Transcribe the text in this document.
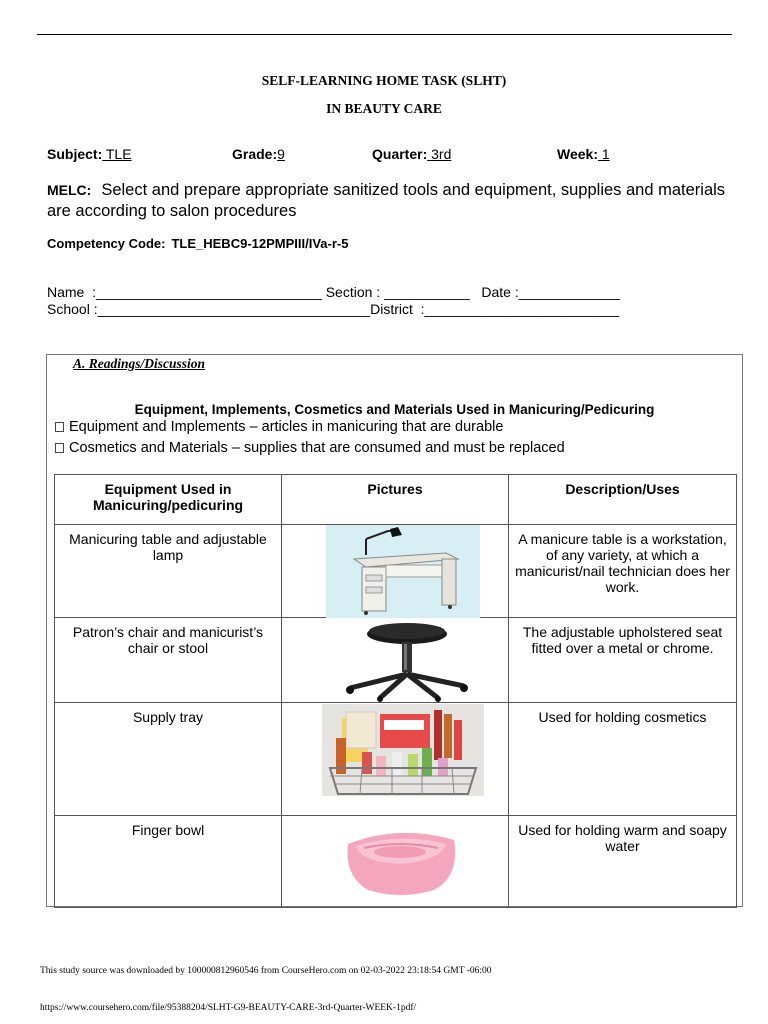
SELF-LEARNING HOME TASK (SLHT)
IN BEAUTY CARE
Subject: TLE	Grade:9	Quarter: 3rd	Week: 1
MELC: Select and prepare appropriate sanitized tools and equipment, supplies and materials are according to salon procedures
Competency Code: TLE_HEBC9-12PMPIII/IVa-r-5
Name  :_____________________________ Section : ___________   Date :_____________
School :___________________________________District  :_________________________
A. Readings/Discussion
Equipment, Implements, Cosmetics and Materials Used in Manicuring/Pedicuring
Equipment and Implements – articles in manicuring that are durable
Cosmetics and Materials – supplies that are consumed and must be replaced
Equipment Used in Manicuring/pedicuring	Pictures	Description/Uses
Manicuring table and adjustable lamp		A manicure table is a workstation, of any variety, at which a manicurist/nail technician does her work.
Patron’s chair and manicurist’s chair or stool		The adjustable upholstered seat fitted over a metal or chrome.
Supply tray		Used for holding cosmetics
Finger bowl		Used for holding warm and soapy water
This study source was downloaded by 100000812960546 from CourseHero.com on 02-03-2022 23:18:54 GMT -06:00
https://www.coursehero.com/file/95388204/SLHT-G9-BEAUTY-CARE-3rd-Quarter-WEEK-1pdf/
